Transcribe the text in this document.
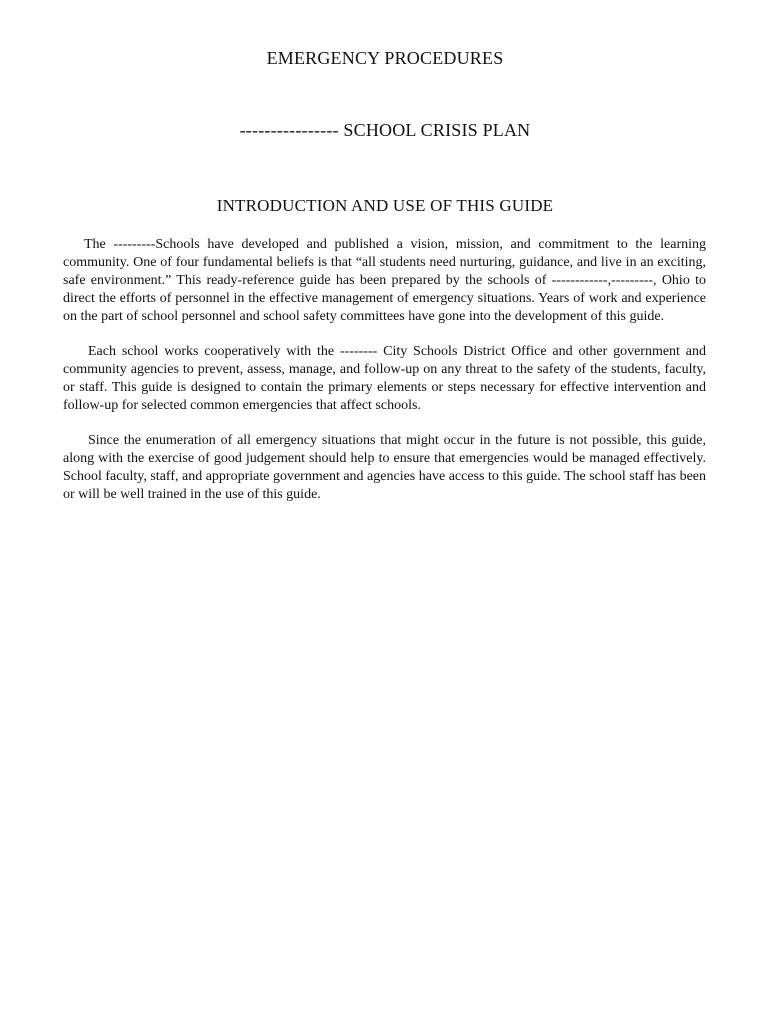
EMERGENCY PROCEDURES
---------------- SCHOOL CRISIS PLAN
INTRODUCTION AND USE OF THIS GUIDE

The ---------Schools have developed and published a vision, mission, and commitment to the learning community. One of four fundamental beliefs is that “all students need nurturing, guidance, and live in an exciting, safe environment.” This ready-reference guide has been prepared by the schools of ------------,---------, Ohio to direct the efforts of personnel in the effective management of emergency situations. Years of work and experience on the part of school personnel and school safety committees have gone into the development of this guide.

Each school works cooperatively with the -------- City Schools District Office and other government and community agencies to prevent, assess, manage, and follow-up on any threat to the safety of the students, faculty, or staff. This guide is designed to contain the primary elements or steps necessary for effective intervention and follow-up for selected common emergencies that affect schools.

Since the enumeration of all emergency situations that might occur in the future is not possible, this guide, along with the exercise of good judgement should help to ensure that emergencies would be managed effectively. School faculty, staff, and appropriate government and agencies have access to this guide. The school staff has been or will be well trained in the use of this guide.
